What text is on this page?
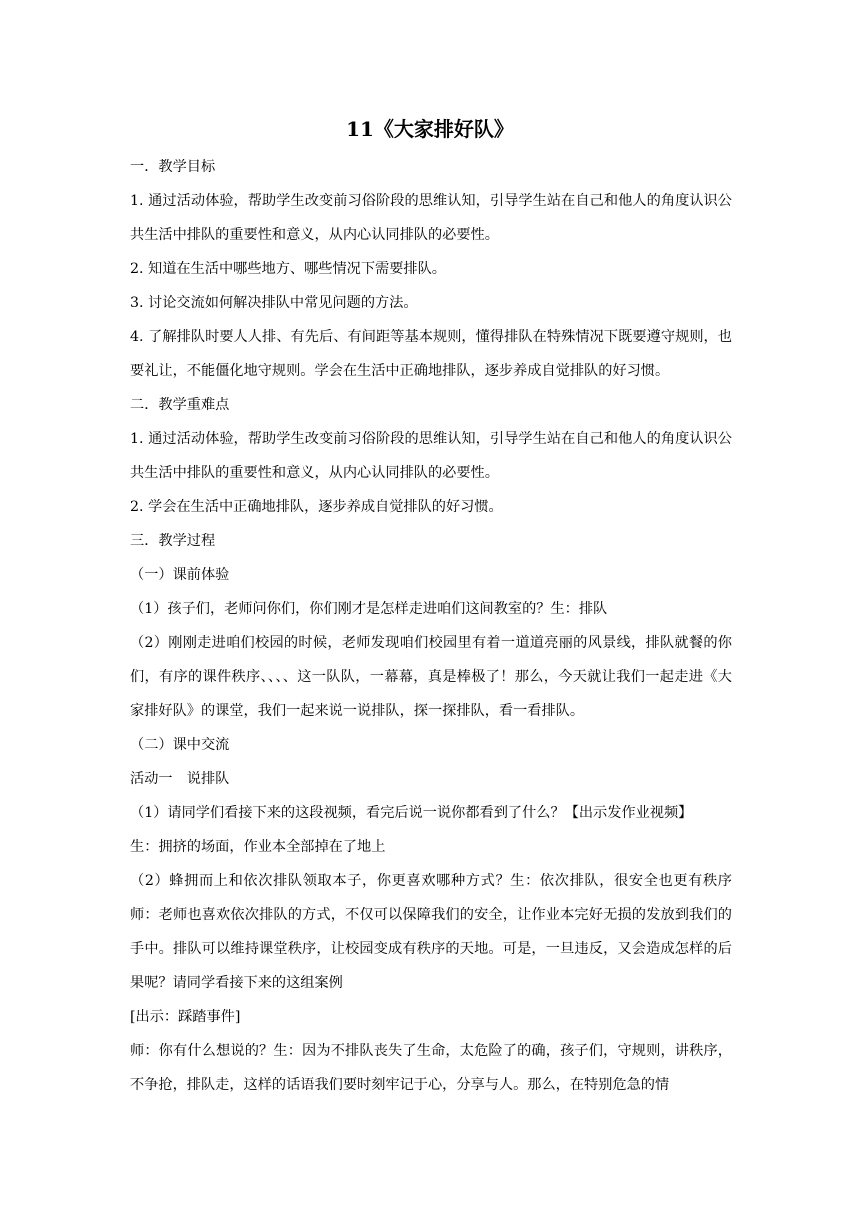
11《大家排好队》

一．教学目标

1. 通过活动体验，帮助学生改变前习俗阶段的思维认知，引导学生站在自己和他人的角度认识公共生活中排队的重要性和意义，从内心认同排队的必要性。

2. 知道在生活中哪些地方、哪些情况下需要排队。

3. 讨论交流如何解决排队中常见问题的方法。

4. 了解排队时要人人排、有先后、有间距等基本规则，懂得排队在特殊情况下既要遵守规则，也要礼让，不能僵化地守规则。学会在生活中正确地排队，逐步养成自觉排队的好习惯。

二．教学重难点

1. 通过活动体验，帮助学生改变前习俗阶段的思维认知，引导学生站在自己和他人的角度认识公共生活中排队的重要性和意义，从内心认同排队的必要性。

2. 学会在生活中正确地排队，逐步养成自觉排队的好习惯。

三．教学过程

（一）课前体验

（1）孩子们，老师问你们，你们刚才是怎样走进咱们这间教室的？生：排队

（2）刚刚走进咱们校园的时候，老师发现咱们校园里有着一道道亮丽的风景线，排队就餐的你们，有序的课件秩序、、、、这一队队，一幕幕，真是棒极了！那么，今天就让我们一起走进《大家排好队》的课堂，我们一起来说一说排队，探一探排队，看一看排队。

（二）课中交流

活动一　说排队

（1）请同学们看接下来的这段视频，看完后说一说你都看到了什么？【出示发作业视频】

生：拥挤的场面，作业本全部掉在了地上

（2）蜂拥而上和依次排队领取本子，你更喜欢哪种方式？生：依次排队，很安全也更有秩序师：老师也喜欢依次排队的方式，不仅可以保障我们的安全，让作业本完好无损的发放到我们的手中。排队可以维持课堂秩序，让校园变成有秩序的天地。可是，一旦违反，又会造成怎样的后果呢？请同学看接下来的这组案例

[出示：踩踏事件]

师：你有什么想说的？生：因为不排队丧失了生命，太危险了的确，孩子们，守规则，讲秩序，不争抢，排队走，这样的话语我们要时刻牢记于心，分享与人。那么，在特别危急的情
